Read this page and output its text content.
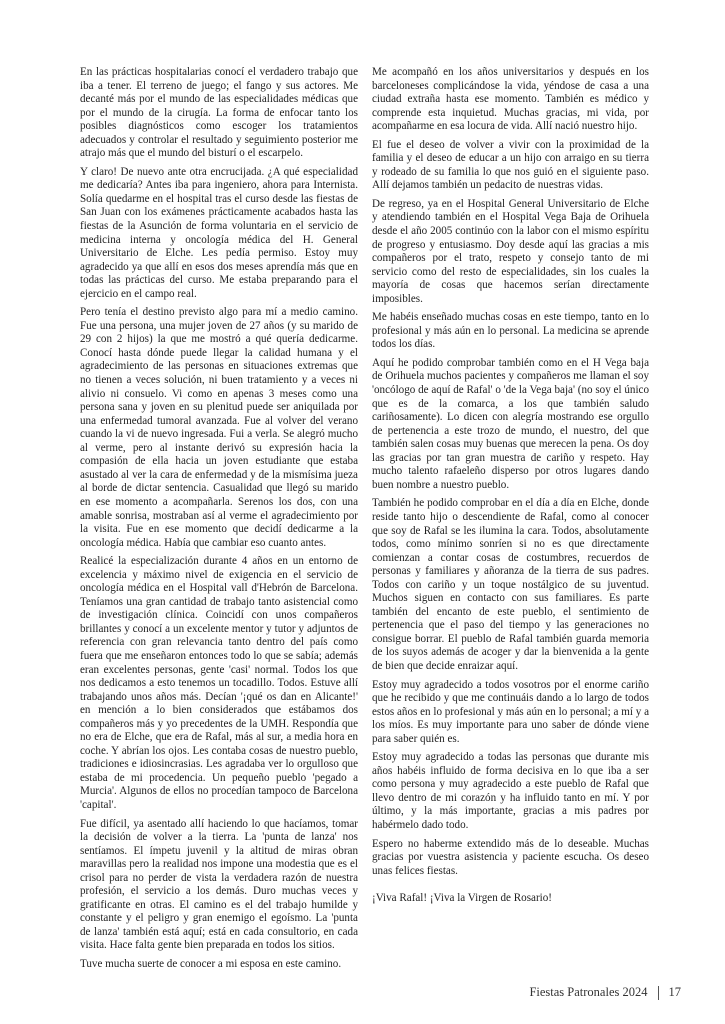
En las prácticas hospitalarias conocí el verdadero trabajo que iba a tener. El terreno de juego; el fango y sus actores. Me decanté más por el mundo de las especialidades médicas que por el mundo de la cirugía. La forma de enfocar tanto los posibles diagnósticos como escoger los tratamientos adecuados y controlar el resultado y seguimiento posterior me atrajo más que el mundo del bisturí o el escarpelo.

Y claro! De nuevo ante otra encrucijada. ¿A qué especialidad me dedicaría? Antes iba para ingeniero, ahora para Internista. Solía quedarme en el hospital tras el curso desde las fiestas de San Juan con los exámenes prácticamente acabados hasta las fiestas de la Asunción de forma voluntaria en el servicio de medicina interna y oncología médica del H. General Universitario de Elche. Les pedía permiso. Estoy muy agradecido ya que allí en esos dos meses aprendía más que en todas las prácticas del curso. Me estaba preparando para el ejercicio en el campo real.

Pero tenía el destino previsto algo para mí a medio camino. Fue una persona, una mujer joven de 27 años (y su marido de 29 con 2 hijos) la que me mostró a qué quería dedicarme. Conocí hasta dónde puede llegar la calidad humana y el agradecimiento de las personas en situaciones extremas que no tienen a veces solución, ni buen tratamiento y a veces ni alivio ni consuelo. Vi como en apenas 3 meses como una persona sana y joven en su plenitud puede ser aniquilada por una enfermedad tumoral avanzada. Fue al volver del verano cuando la vi de nuevo ingresada. Fui a verla. Se alegró mucho al verme, pero al instante derivó su expresión hacia la compasión de ella hacia un joven estudiante que estaba asustado al ver la cara de enfermedad y de la mismísima jueza al borde de dictar sentencia. Casualidad que llegó su marido en ese momento a acompañarla. Serenos los dos, con una amable sonrisa, mostraban así al verme el agradecimiento por la visita. Fue en ese momento que decidí dedicarme a la oncología médica. Había que cambiar eso cuanto antes.

Realicé la especialización durante 4 años en un entorno de excelencia y máximo nivel de exigencia en el servicio de oncología médica en el Hospital vall d'Hebrón de Barcelona. Teníamos una gran cantidad de trabajo tanto asistencial como de investigación clínica. Coincidí con unos compañeros brillantes y conocí a un excelente mentor y tutor y adjuntos de referencia con gran relevancia tanto dentro del país como fuera que me enseñaron entonces todo lo que se sabía; además eran excelentes personas, gente 'casi' normal. Todos los que nos dedicamos a esto tenemos un tocadillo. Todos. Estuve allí trabajando unos años más. Decían '¡qué os dan en Alicante!' en mención a lo bien considerados que estábamos dos compañeros más y yo precedentes de la UMH. Respondía que no era de Elche, que era de Rafal, más al sur, a media hora en coche. Y abrían los ojos. Les contaba cosas de nuestro pueblo, tradiciones e idiosincrasias. Les agradaba ver lo orgulloso que estaba de mi procedencia. Un pequeño pueblo 'pegado a Murcia'. Algunos de ellos no procedían tampoco de Barcelona 'capital'.

Fue difícil, ya asentado allí haciendo lo que hacíamos, tomar la decisión de volver a la tierra. La 'punta de lanza' nos sentíamos. El ímpetu juvenil y la altitud de miras obran maravillas pero la realidad nos impone una modestia que es el crisol para no perder de vista la verdadera razón de nuestra profesión, el servicio a los demás. Duro muchas veces y gratificante en otras. El camino es el del trabajo humilde y constante y el peligro y gran enemigo el egoísmo. La 'punta de lanza' también está aquí; está en cada consultorio, en cada visita. Hace falta gente bien preparada en todos los sitios.

Tuve mucha suerte de conocer a mi esposa en este camino.

Me acompañó en los años universitarios y después en los barceloneses complicándose la vida, yéndose de casa a una ciudad extraña hasta ese momento. También es médico y comprende esta inquietud. Muchas gracias, mi vida, por acompañarme en esa locura de vida. Allí nació nuestro hijo.

El fue el deseo de volver a vivir con la proximidad de la familia y el deseo de educar a un hijo con arraigo en su tierra y rodeado de su familia lo que nos guió en el siguiente paso. Allí dejamos también un pedacito de nuestras vidas.

De regreso, ya en el Hospital General Universitario de Elche y atendiendo también en el Hospital Vega Baja de Orihuela desde el año 2005 continúo con la labor con el mismo espíritu de progreso y entusiasmo. Doy desde aquí las gracias a mis compañeros por el trato, respeto y consejo tanto de mi servicio como del resto de especialidades, sin los cuales la mayoría de cosas que hacemos serían directamente imposibles.

Me habéis enseñado muchas cosas en este tiempo, tanto en lo profesional y más aún en lo personal. La medicina se aprende todos los días.

Aquí he podido comprobar también como en el H Vega baja de Orihuela muchos pacientes y compañeros me llaman el soy 'oncólogo de aquí de Rafal' o 'de la Vega baja' (no soy el único que es de la comarca, a los que también saludo cariñosamente). Lo dicen con alegría mostrando ese orgullo de pertenencia a este trozo de mundo, el nuestro, del que también salen cosas muy buenas que merecen la pena. Os doy las gracias por tan gran muestra de cariño y respeto. Hay mucho talento rafaeleño disperso por otros lugares dando buen nombre a nuestro pueblo.

También he podido comprobar en el día a día en Elche, donde reside tanto hijo o descendiente de Rafal, como al conocer que soy de Rafal se les ilumina la cara. Todos, absolutamente todos, como mínimo sonríen si no es que directamente comienzan a contar cosas de costumbres, recuerdos de personas y familiares y añoranza de la tierra de sus padres. Todos con cariño y un toque nostálgico de su juventud. Muchos siguen en contacto con sus familiares. Es parte también del encanto de este pueblo, el sentimiento de pertenencia que el paso del tiempo y las generaciones no consigue borrar. El pueblo de Rafal también guarda memoria de los suyos además de acoger y dar la bienvenida a la gente de bien que decide enraizar aquí.

Estoy muy agradecido a todos vosotros por el enorme cariño que he recibido y que me continuáis dando a lo largo de todos estos años en lo profesional y más aún en lo personal; a mí y a los míos. Es muy importante para uno saber de dónde viene para saber quién es.

Estoy muy agradecido a todas las personas que durante mis años habéis influido de forma decisiva en lo que iba a ser como persona y muy agradecido a este pueblo de Rafal que llevo dentro de mi corazón y ha influido tanto en mí. Y por último, y la más importante, gracias a mis padres por habérmelo dado todo.

Espero no haberme extendido más de lo deseable. Muchas gracias por vuestra asistencia y paciente escucha. Os deseo unas felices fiestas.

¡Viva Rafal! ¡Viva la Virgen de Rosario!

Fiestas Patronales 2024 17
